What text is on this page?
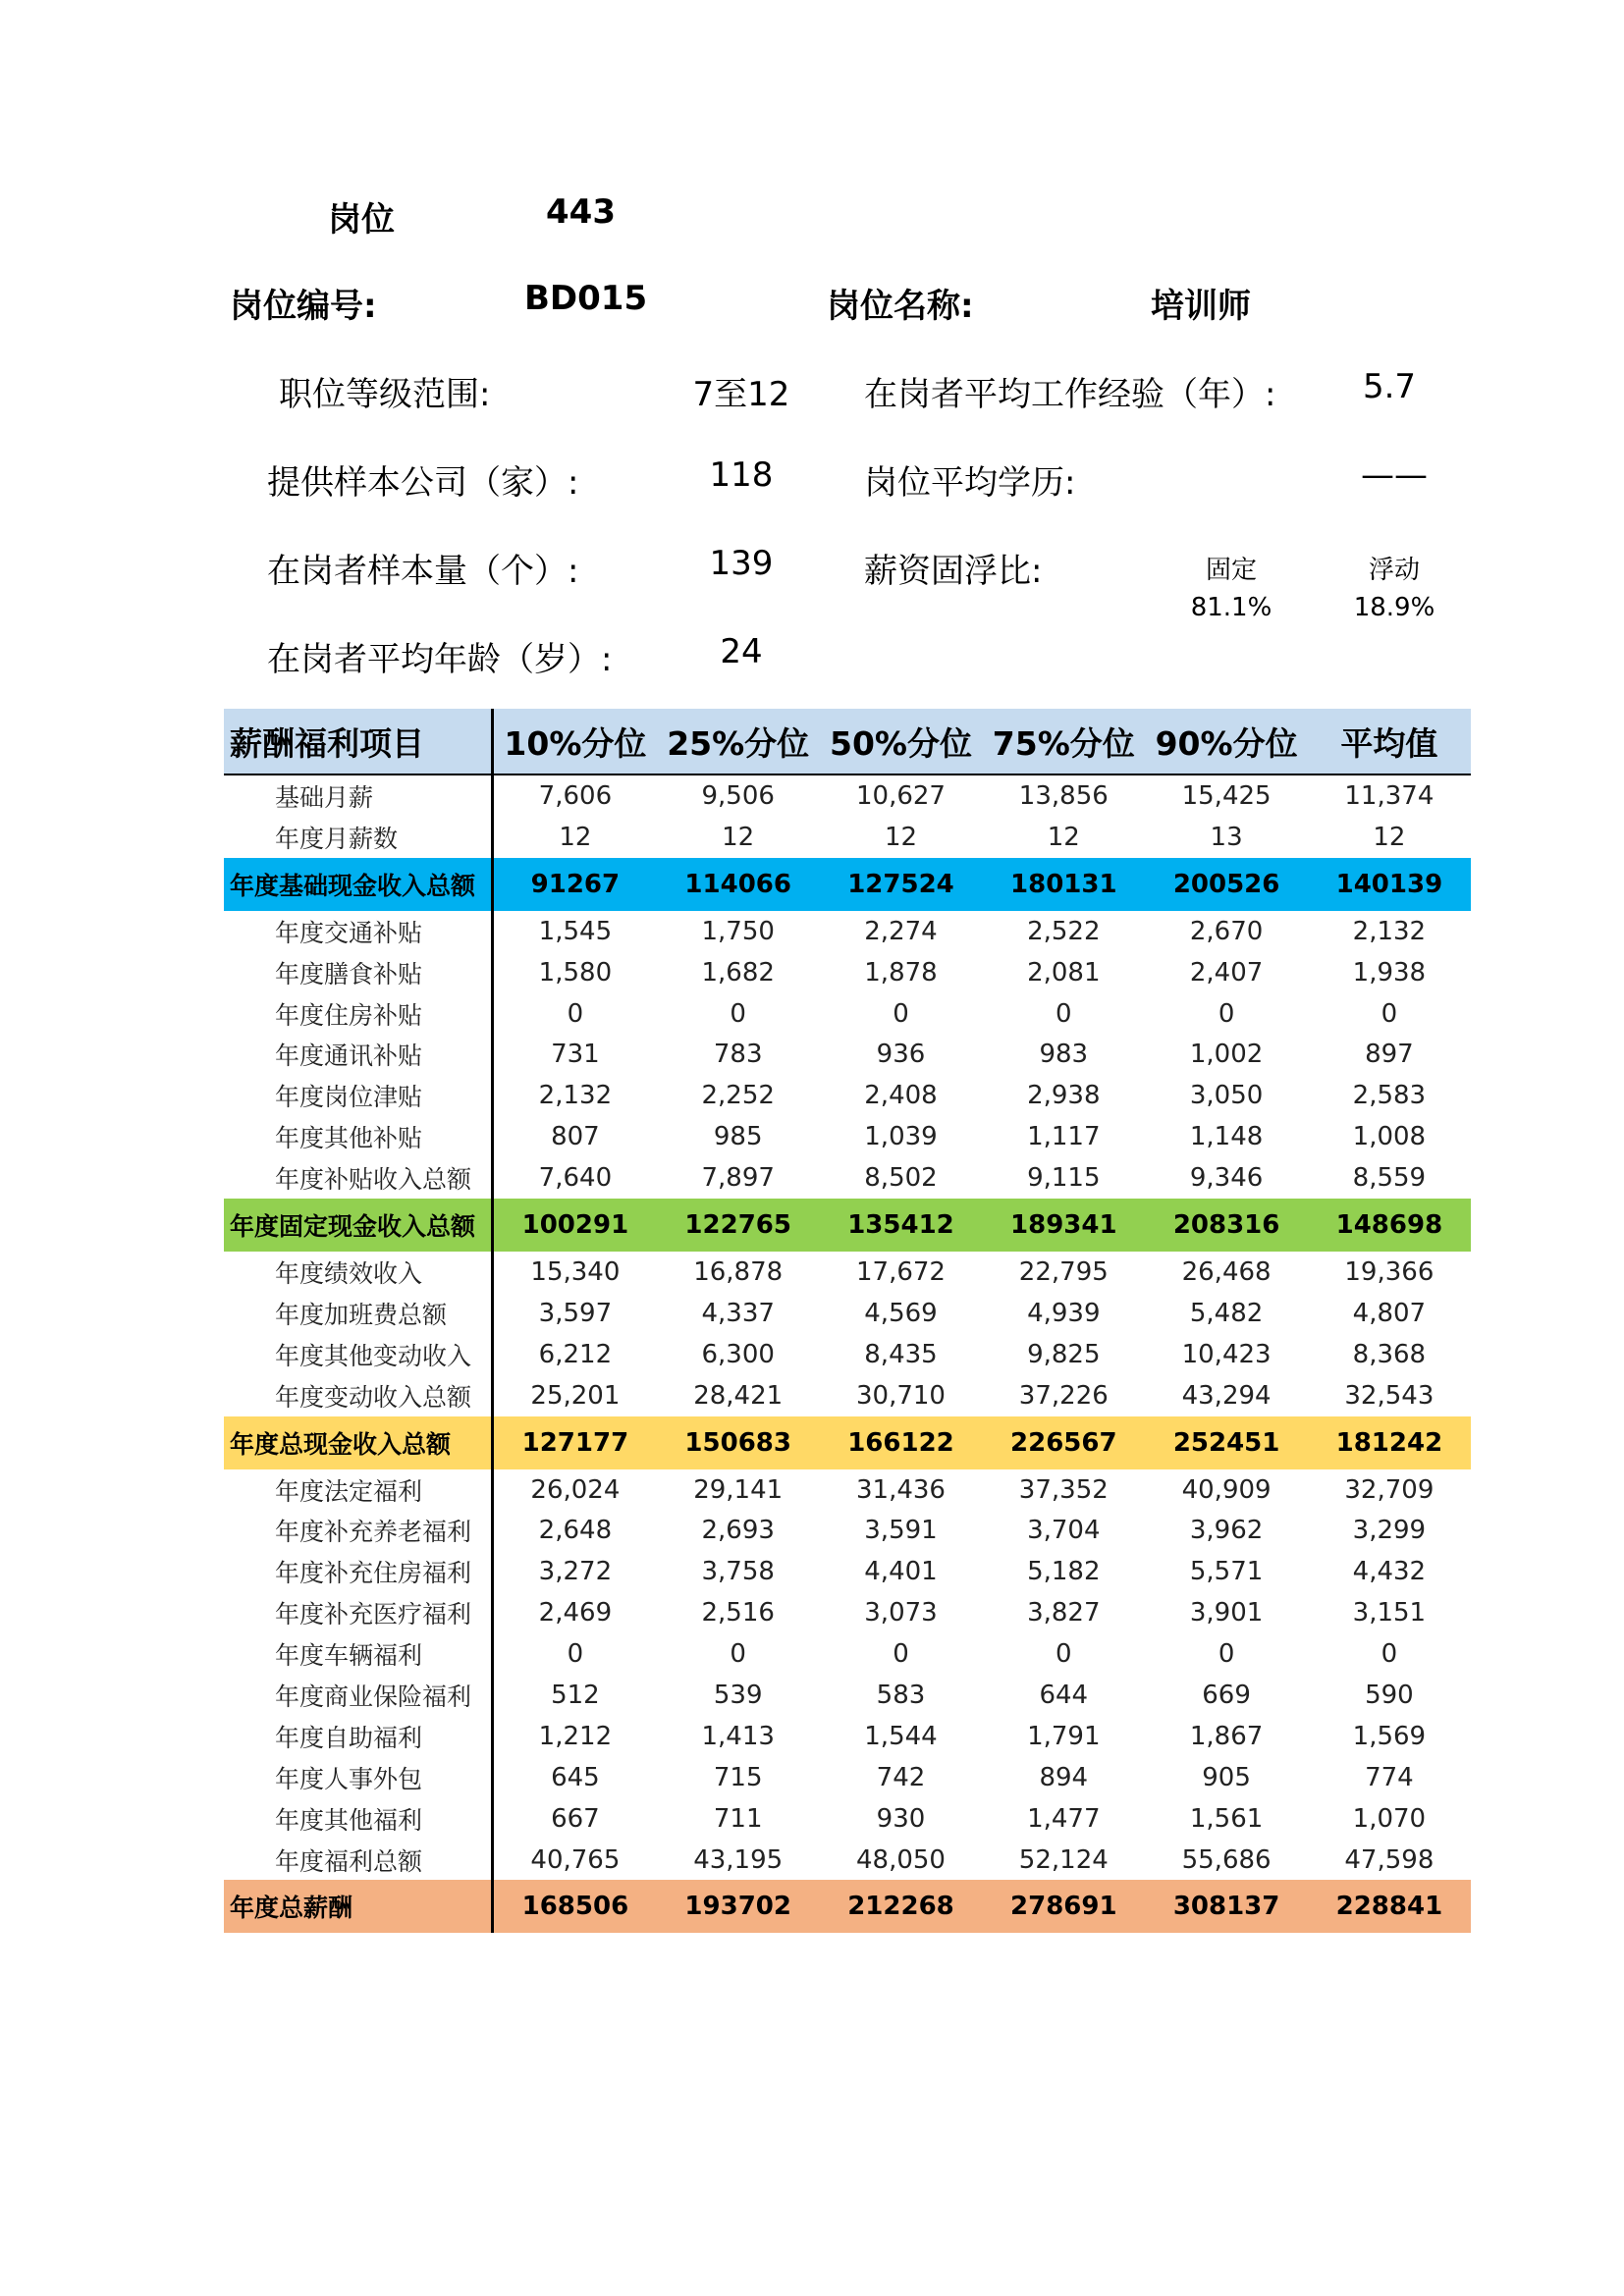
岗位	443
岗位编号:	BD015	岗位名称:	培训师
职位等级范围:	7至12	在岗者平均工作经验（年）:	5.7
提供样本公司（家）:	118	岗位平均学历:	——
在岗者样本量（个）:	139	薪资固浮比:	固定
81.1%
浮动
18.9%
在岗者平均年龄（岁）:	24
薪酬福利项目	10%分位 25%分位 50%分位 75%分位 90%分位	平均值
基础月薪	7,606	9,506	10,627	13,856	15,425	11,374
年度月薪数	12	12	12	12	13	12
年度基础现金收入总额	91267	114066	127524	180131	200526	140139
年度交通补贴	1,545	1,750	2,274	2,522	2,670	2,132
年度膳食补贴	1,580	1,682	1,878	2,081	2,407	1,938
年度住房补贴	0	0	0	0	0	0
年度通讯补贴	731	783	936	983	1,002	897
年度岗位津贴	2,132	2,252	2,408	2,938	3,050	2,583
年度其他补贴	807	985	1,039	1,117	1,148	1,008
年度补贴收入总额	7,640	7,897	8,502	9,115	9,346	8,559
年度固定现金收入总额	100291	122765	135412	189341	208316	148698
年度绩效收入	15,340	16,878	17,672	22,795	26,468	19,366
年度加班费总额	3,597	4,337	4,569	4,939	5,482	4,807
年度其他变动收入	6,212	6,300	8,435	9,825	10,423	8,368
年度变动收入总额	25,201	28,421	30,710	37,226	43,294	32,543
年度总现金收入总额	127177	150683	166122	226567	252451	181242
年度法定福利	26,024	29,141	31,436	37,352	40,909	32,709
年度补充养老福利	2,648	2,693	3,591	3,704	3,962	3,299
年度补充住房福利	3,272	3,758	4,401	5,182	5,571	4,432
年度补充医疗福利	2,469	2,516	3,073	3,827	3,901	3,151
年度车辆福利	0	0	0	0	0	0
年度商业保险福利	512	539	583	644	669	590
年度自助福利	1,212	1,413	1,544	1,791	1,867	1,569
年度人事外包	645	715	742	894	905	774
年度其他福利	667	711	930	1,477	1,561	1,070
年度福利总额	40,765	43,195	48,050	52,124	55,686	47,598
年度总薪酬	168506	193702	212268	278691	308137	228841
